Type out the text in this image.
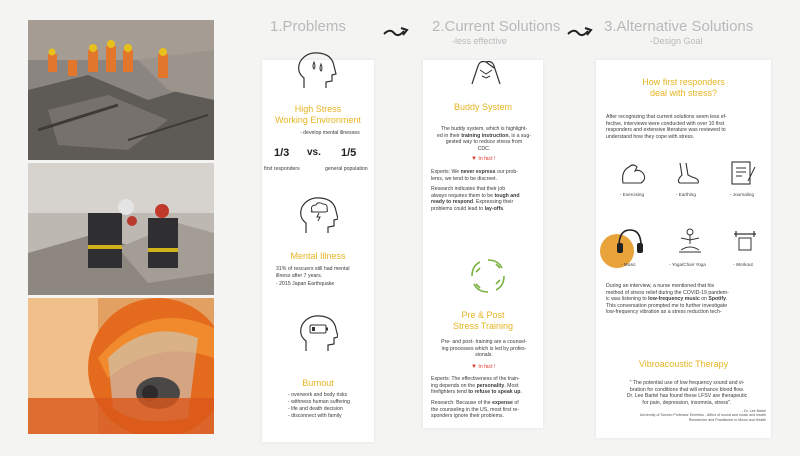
1.Problems
High Stress
Working Environment
- develop mental illnesses
1/3 vs. 1/5
first responders	general population
Mental Illness
31% of rescuers still had mental
illness after 7 years.
- 2015 Japan Earthquake
Burnout
- overwork and body risks
- withness human suffering
- life and death decision
- disconnect with family
2.Current Solutions
-less effective
Buddy System
The buddy system, which is highlight-
ed in their training instruction, is a sug-
gested way to reduce stress from
CDC.
▼ In fact !
Experts: We never express our prob-
lems, we tend to be discreet.
Research indicates that their job
always requires them to be tough and
ready to respond. Expressing their
problems could lead to lay-offs.
Pre & Post
Stress Training
Pre- and post- training are a counsel-
ing processes which is led by profes-
sionals.
▼ In fact !
Experts: The effectiveness of the train-
ing depends on the personality. Most
firefighters tend to refuse to speak up.
Research: Because of the expense of
the counseling in the US, most first re-
sponders ignore their problems.
3.Alternative Solutions
-Design Goal
How first responders
deal with stress?
After recognizing that current solutions seem less ef-
fective, interviews were conducted with over 10 first
responders and extensive literature was reviewed to
understand how they cope with stress.
- Exercising	- Earthing	- Journaling
- Music	- Yoga/Chair Yoga	- Workout
During an interview, a nurse mentioned that his
method of stress relief during the COVID-19 pandem-
ic was listening to low-frequency music on Spotify.
This conversation prompted me to further investigate
low-frequency vibration as a stress reduction tech-
Vibroacoustic Therapy
" The potential use of low frequency sound and vi-
bration for conditions that will enhance blood flow.
Dr. Lee Bartel has found these LFSV are therapeutic
for pain, depression, insomnia, stress".
- Dr. Lee Bartel
University of Toronto Professor Emeritus - Affect of sound and music and health
Researcher and Practitioner in Music and Health
